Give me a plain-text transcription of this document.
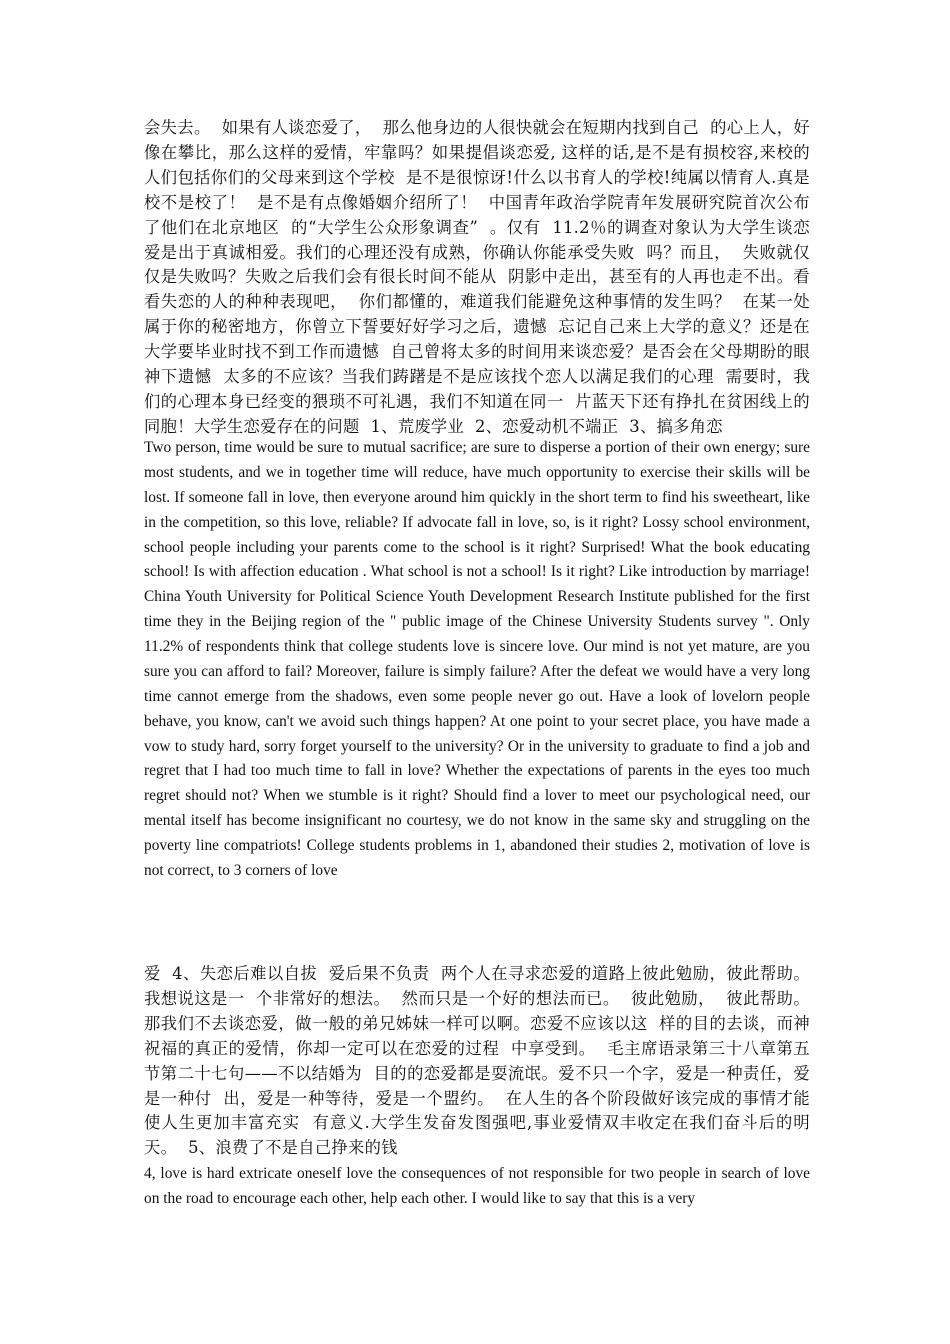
会失去。  如果有人谈恋爱了，  那么他身边的人很快就会在短期内找到自己  的心上人，好像在攀比，那么这样的爱情，牢靠吗？如果提倡谈恋爱, 这样的话,是不是有损校容,来校的人们包括你们的父母来到这个学校  是不是很惊讶!什么以书育人的学校!纯属以情育人.真是校不是校了！  是不是有点像婚姻介绍所了！  中国青年政治学院青年发展研究院首次公布了他们在北京地区  的“大学生公众形象调查”  。仅有  11.2％的调查对象认为大学生谈恋  爱是出于真诚相爱。我们的心理还没有成熟，你确认你能承受失败  吗？而且，  失败就仅仅是失败吗？失败之后我们会有很长时间不能从  阴影中走出，甚至有的人再也走不出。看看失恋的人的种种表现吧，  你们都懂的，难道我们能避免这种事情的发生吗？  在某一处属于你的秘密地方，你曾立下誓要好好学习之后，遗憾  忘记自己来上大学的意义？还是在大学要毕业时找不到工作而遗憾  自己曾将太多的时间用来谈恋爱？是否会在父母期盼的眼神下遗憾  太多的不应该？当我们踌躇是不是应该找个恋人以满足我们的心理  需要时，我们的心理本身已经变的猥琐不可礼遇，我们不知道在同一  片蓝天下还有挣扎在贫困线上的同胞！大学生恋爱存在的问题  1、荒废学业  2、恋爱动机不端正  3、搞多角恋
Two person, time would be sure to mutual sacrifice; are sure to disperse a portion of their own energy; sure most students, and we in together time will reduce, have much opportunity to exercise their skills will be lost. If someone fall in love, then everyone around him quickly in the short term to find his sweetheart, like in the competition, so this love, reliable? If advocate fall in love, so, is it right? Lossy school environment, school people including your parents come to the school is it right? Surprised! What the book educating school! Is with affection education . What school is not a school! Is it right? Like introduction by marriage! China Youth University for Political Science Youth Development Research Institute published for the first time they in the Beijing region of the " public image of the Chinese University Students survey ". Only 11.2% of respondents think that college students love is sincere love. Our mind is not yet mature, are you sure you can afford to fail? Moreover, failure is simply failure? After the defeat we would have a very long time cannot emerge from the shadows, even some people never go out. Have a look of lovelorn people behave, you know, can't we avoid such things happen? At one point to your secret place, you have made a vow to study hard, sorry forget yourself to the university? Or in the university to graduate to find a job and regret that I had too much time to fall in love? Whether the expectations of parents in the eyes too much regret should not? When we stumble is it right? Should find a lover to meet our psychological need, our mental itself has become insignificant no courtesy, we do not know in the same sky and struggling on the poverty line compatriots! College students problems in 1, abandoned their studies 2, motivation of love is not correct, to 3 corners of love
爱  4、失恋后难以自拔  爱后果不负责  两个人在寻求恋爱的道路上彼此勉励，彼此帮助。我想说这是一  个非常好的想法。  然而只是一个好的想法而已。  彼此勉励，  彼此帮助。  那我们不去谈恋爱，做一般的弟兄姊妹一样可以啊。恋爱不应该以这  样的目的去谈，而神祝福的真正的爱情，你却一定可以在恋爱的过程  中享受到。  毛主席语录第三十八章第五节第二十七句——不以结婚为  目的的恋爱都是耍流氓。爱不只一个字，爱是一种责任，爱是一种付  出，爱是一种等待，爱是一个盟约。  在人生的各个阶段做好该完成的事情才能使人生更加丰富充实  有意义.大学生发奋发图强吧,事业爱情双丰收定在我们奋斗后的明  天。  5、浪费了不是自己挣来的钱
4, love is hard extricate oneself love the consequences of not responsible for two people in search of love on the road to encourage each other, help each other. I would like to say that this is a very
